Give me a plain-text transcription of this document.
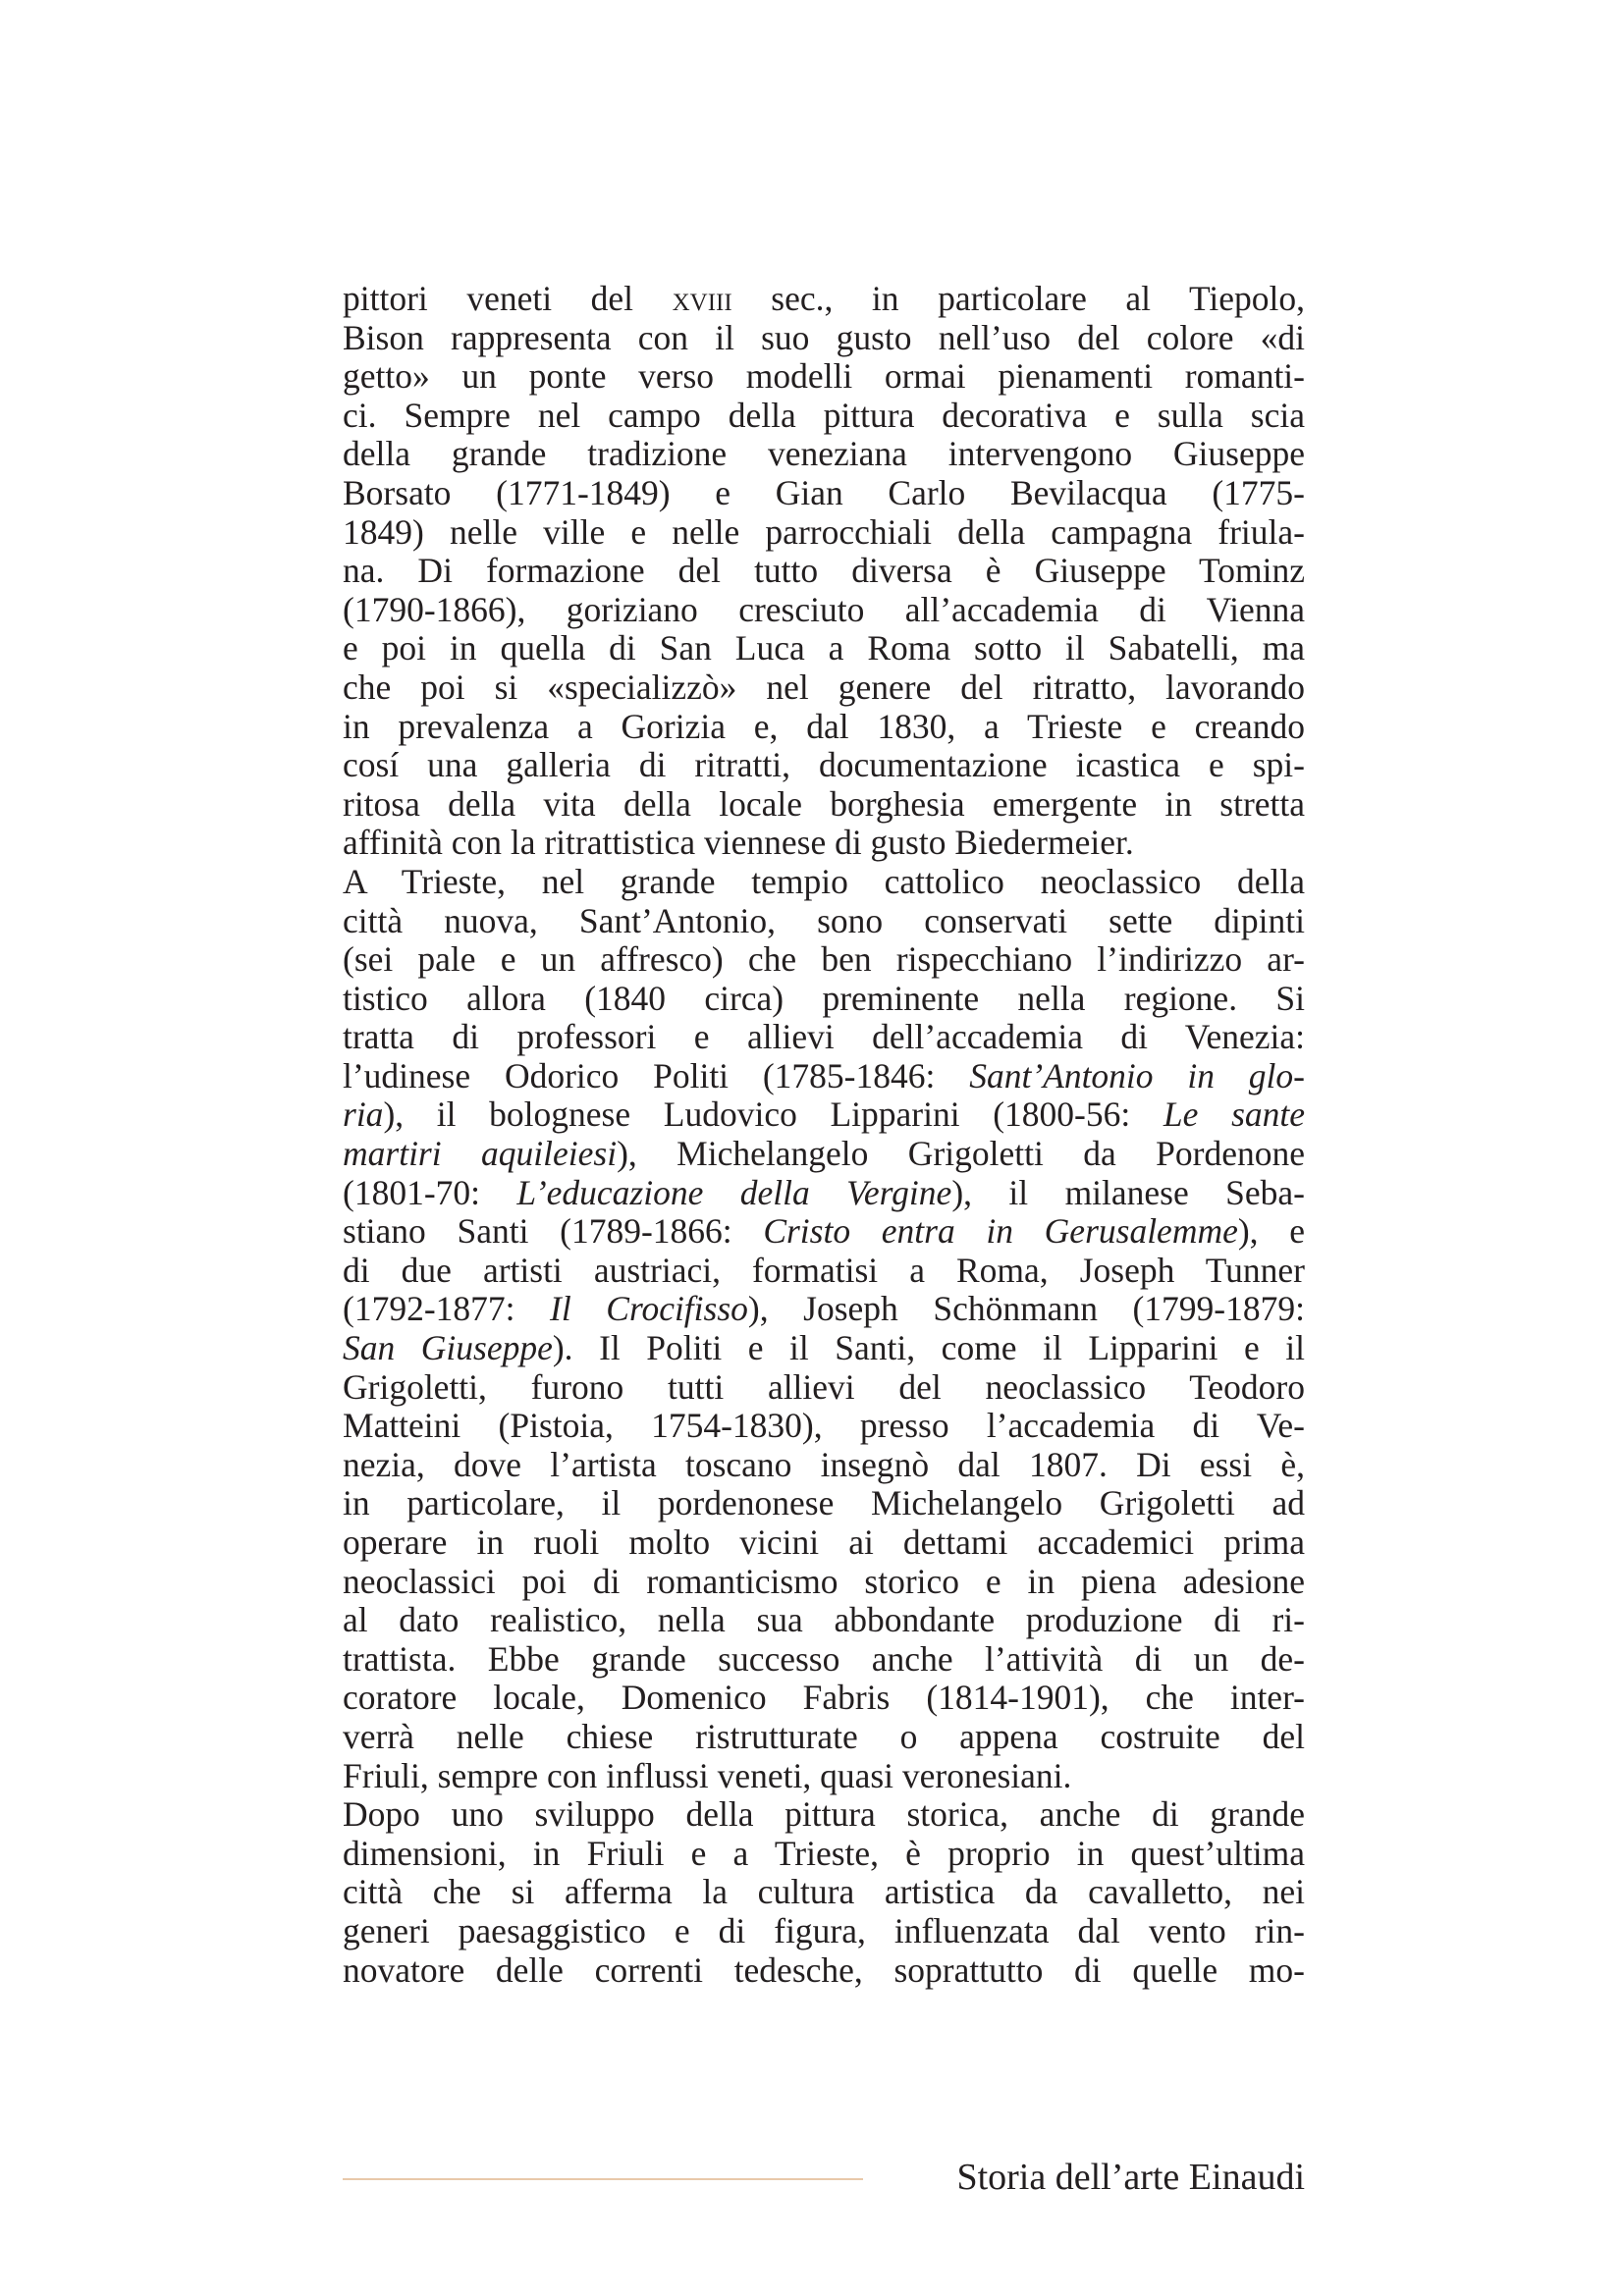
pittori veneti del xviii sec., in particolare al Tiepolo,
Bison rappresenta con il suo gusto nell’uso del colore «di
getto» un ponte verso modelli ormai pienamenti romanti-
ci. Sempre nel campo della pittura decorativa e sulla scia
della grande tradizione veneziana intervengono Giuseppe
Borsato (1771-1849) e Gian Carlo Bevilacqua (1775-
1849) nelle ville e nelle parrocchiali della campagna friula-
na. Di formazione del tutto diversa è Giuseppe Tominz
(1790-1866), goriziano cresciuto all’accademia di Vienna
e poi in quella di San Luca a Roma sotto il Sabatelli, ma
che poi si «specializzò» nel genere del ritratto, lavorando
in prevalenza a Gorizia e, dal 1830, a Trieste e creando
cosí una galleria di ritratti, documentazione icastica e spi-
ritosa della vita della locale borghesia emergente in stretta
affinità con la ritrattistica viennese di gusto Biedermeier.
A Trieste, nel grande tempio cattolico neoclassico della
città nuova, Sant’Antonio, sono conservati sette dipinti
(sei pale e un affresco) che ben rispecchiano l’indirizzo ar-
tistico allora (1840 circa) preminente nella regione. Si
tratta di professori e allievi dell’accademia di Venezia:
l’udinese Odorico Politi (1785-1846: Sant’Antonio in glo-
ria), il bolognese Ludovico Lipparini (1800-56: Le sante
martiri aquileiesi), Michelangelo Grigoletti da Pordenone
(1801-70: L’educazione della Vergine), il milanese Seba-
stiano Santi (1789-1866: Cristo entra in Gerusalemme), e
di due artisti austriaci, formatisi a Roma, Joseph Tunner
(1792-1877: Il Crocifisso), Joseph Schönmann (1799-1879:
San Giuseppe). Il Politi e il Santi, come il Lipparini e il
Grigoletti, furono tutti allievi del neoclassico Teodoro
Matteini (Pistoia, 1754-1830), presso l’accademia di Ve-
nezia, dove l’artista toscano insegnò dal 1807. Di essi è,
in particolare, il pordenonese Michelangelo Grigoletti ad
operare in ruoli molto vicini ai dettami accademici prima
neoclassici poi di romanticismo storico e in piena adesione
al dato realistico, nella sua abbondante produzione di ri-
trattista. Ebbe grande successo anche l’attività di un de-
coratore locale, Domenico Fabris (1814-1901), che inter-
verrà nelle chiese ristrutturate o appena costruite del
Friuli, sempre con influssi veneti, quasi veronesiani.
Dopo uno sviluppo della pittura storica, anche di grande
dimensioni, in Friuli e a Trieste, è proprio in quest’ultima
città che si afferma la cultura artistica da cavalletto, nei
generi paesaggistico e di figura, influenzata dal vento rin-
novatore delle correnti tedesche, soprattutto di quelle mo-
Storia dell’arte Einaudi
